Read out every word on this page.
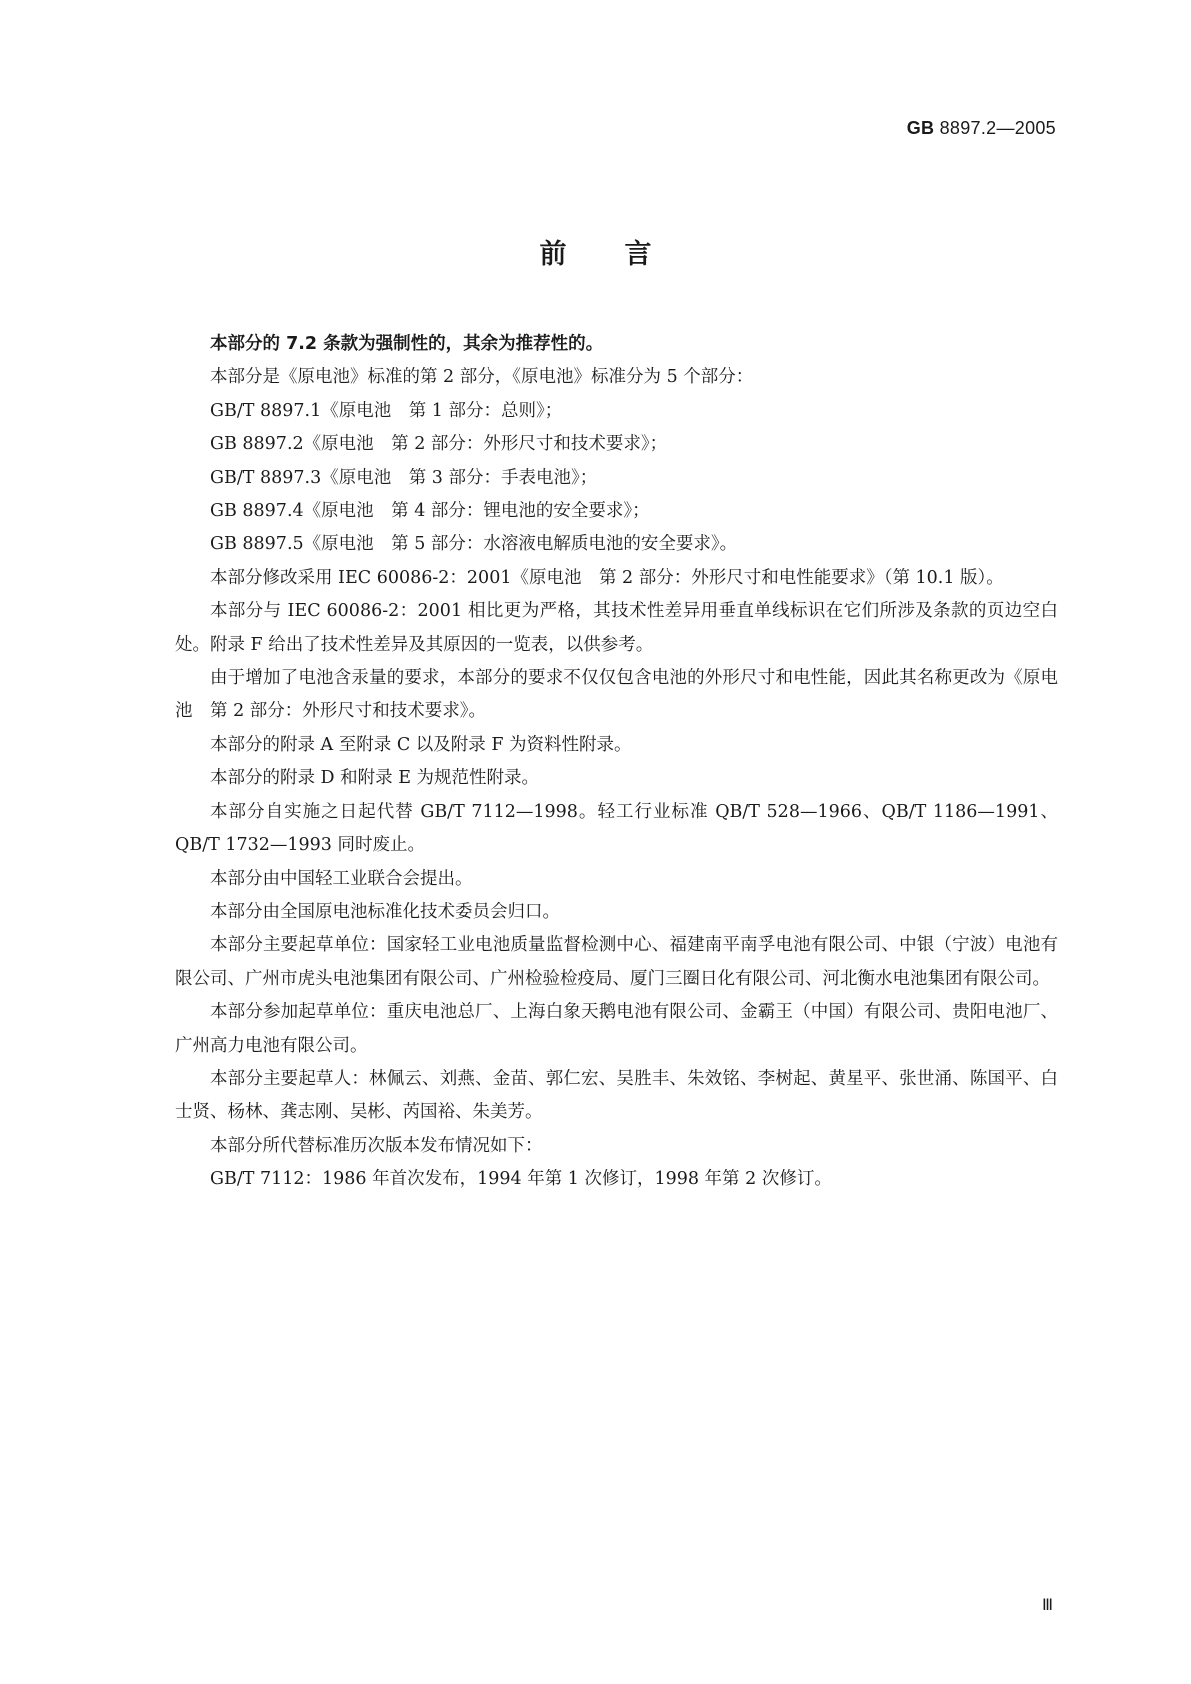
GB 8897.2—2005
前 言

本部分的 7.2 条款为强制性的，其余为推荐性的。

本部分是《原电池》标准的第 2 部分，《原电池》标准分为 5 个部分：

GB/T 8897.1《原电池　第 1 部分：总则》；

GB 8897.2《原电池　第 2 部分：外形尺寸和技术要求》；

GB/T 8897.3《原电池　第 3 部分：手表电池》；

GB 8897.4《原电池　第 4 部分：锂电池的安全要求》；

GB 8897.5《原电池　第 5 部分：水溶液电解质电池的安全要求》。

本部分修改采用 IEC 60086-2：2001《原电池　第 2 部分：外形尺寸和电性能要求》（第 10.1 版）。

本部分与 IEC 60086-2：2001 相比更为严格，其技术性差异用垂直单线标识在它们所涉及条款的页边空白处。附录 F 给出了技术性差异及其原因的一览表，以供参考。

由于增加了电池含汞量的要求，本部分的要求不仅仅包含电池的外形尺寸和电性能，因此其名称更改为《原电池　第 2 部分：外形尺寸和技术要求》。

本部分的附录 A 至附录 C 以及附录 F 为资料性附录。

本部分的附录 D 和附录 E 为规范性附录。

本部分自实施之日起代替 GB/T 7112—1998。轻工行业标准 QB/T 528—1966、QB/T 1186—1991、QB/T 1732—1993 同时废止。

本部分由中国轻工业联合会提出。

本部分由全国原电池标准化技术委员会归口。

本部分主要起草单位：国家轻工业电池质量监督检测中心、福建南平南孚电池有限公司、中银（宁波）电池有限公司、广州市虎头电池集团有限公司、广州检验检疫局、厦门三圈日化有限公司、河北衡水电池集团有限公司。

本部分参加起草单位：重庆电池总厂、上海白象天鹅电池有限公司、金霸王（中国）有限公司、贵阳电池厂、广州高力电池有限公司。

本部分主要起草人：林佩云、刘燕、金苗、郭仁宏、吴胜丰、朱效铭、李树起、黄星平、张世涌、陈国平、白士贤、杨林、龚志刚、吴彬、芮国裕、朱美芳。

本部分所代替标准历次版本发布情况如下：

GB/T 7112：1986 年首次发布，1994 年第 1 次修订，1998 年第 2 次修订。

Ⅲ
